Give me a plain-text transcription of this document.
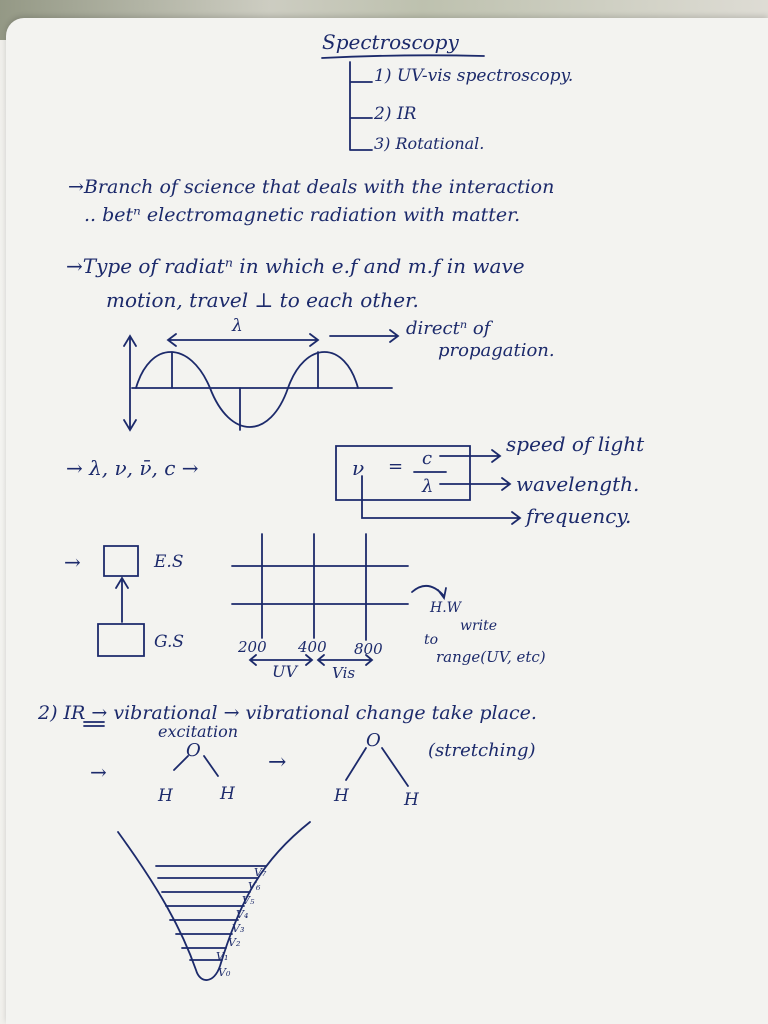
Spectroscopy
1) UV-vis spectroscopy.
2) IR
3) Rotational.
→Branch of science that deals with the interaction
.. betⁿ electromagnetic radiation with matter.
→Type of radiatⁿ in which e.f and m.f in wave
motion, travel ⊥ to each other.
λ	directⁿ of
propagation.
→ λ, ν, ν̄, c →	ν = c
λ
speed of light
wavelength.
frequency.
→	E.S
G.S	200 400 800
UV Vis
H.W
write
to
range(UV, etc)
2) IR → vibrational → vibrational change take place.
excitation
→	→
O
H	H
O
H	H
(stretching)
V₀
V₁
V₂
V₃
V₄
V₅
V₆
V₇
